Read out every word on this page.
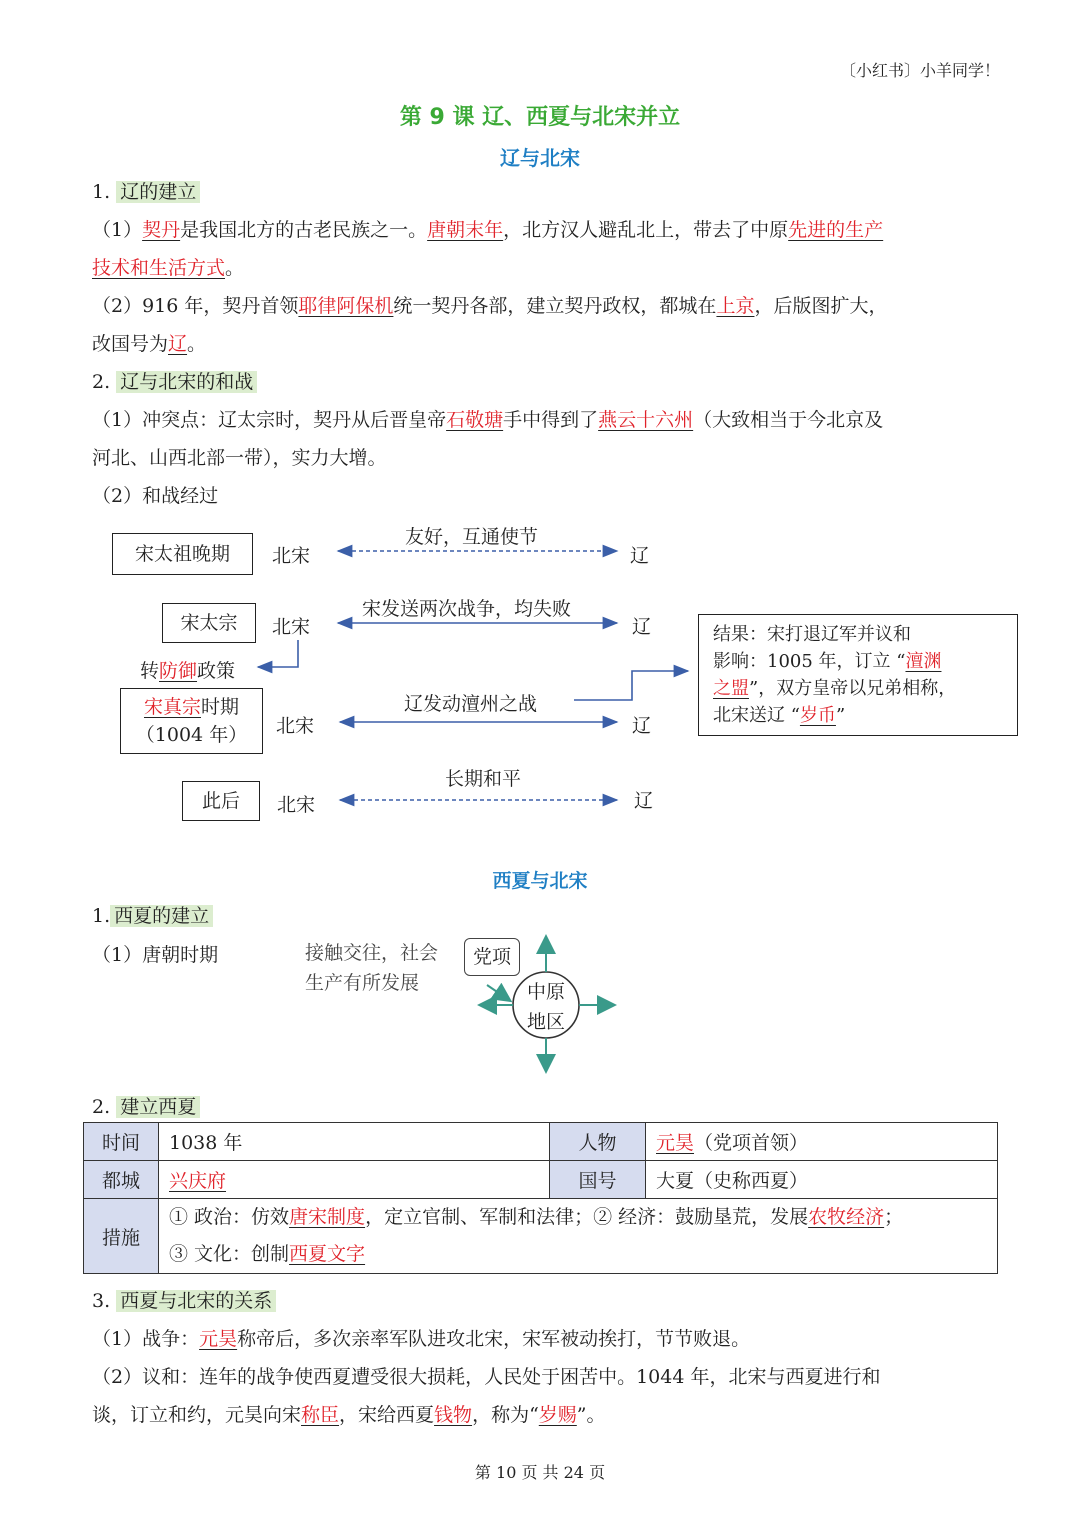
〔小红书〕小羊同学！
第 9 课 辽、西夏与北宋并立
辽与北宋
1. 辽的建立
（1）契丹是我国北方的古老民族之一。唐朝末年，北方汉人避乱北上，带去了中原先进的生产
技术和生活方式。
（2）916 年，契丹首领耶律阿保机统一契丹各部，建立契丹政权，都城在上京，后版图扩大，
改国号为辽。
2. 辽与北宋的和战
（1）冲突点：辽太宗时，契丹从后晋皇帝石敬瑭手中得到了燕云十六州（大致相当于今北京及
河北、山西北部一带），实力大增。
（2）和战经过
宋太祖晚期	北宋
友好，互通使节
辽
宋太宗	北宋
宋发送两次战争，均失败
辽
转防御政策
宋真宗时期
（1004 年） 北宋
辽发动澶州之战
辽
此后	北宋
长期和平
辽
结果：宋打退辽军并议和
影响：1005 年，订立 “澶渊
之盟”，双方皇帝以兄弟相称，
北宋送辽 “岁币”
西夏与北宋
1. 西夏的建立
（1）唐朝时期	接触交往，社会
生产有所发展
党项
中原
地区
2. 建立西夏
时间	1038 年	人物	元昊（党项首领）
都城	兴庆府	国号	大夏（史称西夏）
措施	① 政治：仿效唐宋制度，定立官制、军制和法律；② 经济：鼓励垦荒，发展农牧经济；
③ 文化：创制西夏文字		
3. 西夏与北宋的关系
（1）战争：元昊称帝后，多次亲率军队进攻北宋，宋军被动挨打，节节败退。
（2）议和：连年的战争使西夏遭受很大损耗，人民处于困苦中。1044 年，北宋与西夏进行和
谈，订立和约，元昊向宋称臣，宋给西夏钱物，称为“岁赐”。
第 10 页 共 24 页
